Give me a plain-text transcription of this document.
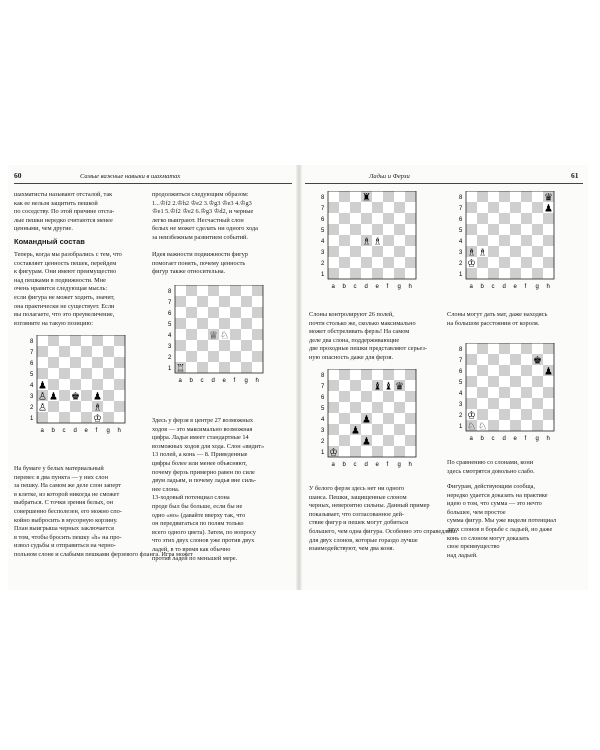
60	Самые важные навыки в шахматах
шахматисты называют отсталой, так
как ее нельзя защитить пешкой
по соседству. По этой причине отста-
лые пешки нередко считаются менее
ценными, чем другие.
Командный состав
Теперь, когда мы разобрались с тем, что
составляет ценность пешек, перейдем
к фигурам. Они имеют преимущество
над пешками в подвижности. Мне
очень нравится следующая мысль:
если фигура не может ходить, значит,
она практически не существует. Если
вы полагаете, что это преувеличение,
взгляните на такую позицию:
8
7
6
5
4
3
2
1
a b c d e f g h
♟
♙ ♟
♙
♚ ♟
♗
♔
На бумаге у белых материальный
перевес в два пункта — у них слон
за пешку. На самом же деле слон заперт
в клетке, из которой никогда не сможет
выбраться. С точки зрения белых, он
совершенно бесполезен, его можно спо-
койно выбросить в мусорную корзину.
План выигрыша черных заключается
в том, чтобы бросить пешку «h» на про-
извол судьбы и отправиться на черно-
польном слоне и слабыми пешками ферзевого фланга. Игра может
продолжиться следующим образом:
1...♔f2 2.♔h2 ♔e2 3.♔g3 ♔e3 4.♔g3
♔e1 5.♔f2 ♔e2 6.♔g3 ♔d2, и черные
легко выиграют. Несчастный слон
белых не может сделать ни одного хода
за неизбежным развитием событий.
Идея важности подвижности фигур
помогает понять, почему ценность
фигур также относительна.
8
7
6
5
4
3
2
1
a b c d e f g h
♕ ♘
♖
Здесь у ферзя в центре 27 возможных
ходов — это максимально возможная
цифра. Ладья имеет стандартные 14
возможных ходов для хода. Слон «видит»
13 полей, а конь — 8. Приведенные
цифры более или менее объясняют,
почему ферзь примерно равен по силе
двум ладьям, и почему ладья вне силь-
нее слона.
13-ходовый потенциал слона
проде был бы больше, если бы не
одно «но» (давайте вверху так, что
он передвигаться по полям только
всего одного цвета). Затем, по вопросу
что этих двух слонов уже против двух
ладей, в то время как обычно
против ладей по меньшей мере.
Ладьи и Ферзи	61
8
7
6
5
4
3
2
1
a b c d e f g h
♜
♗
♗
Слоны контролируют 26 полей,
почти столько же, сколько максимально
может обстреливать ферзь! На самом
деле два слона, поддерживающие
две проходные пешки представляют серьез-
ную опасность даже для ферзя.
8
7
6
5
4
3
2
1
a b c d e f g h
♝ ♝ ♛
♟
♟
♟
♔
У белого ферзя здесь нет ни одного
шанса. Пешки, защищенные слоном
черных, невероятно сильны. Данный пример
показывает, что согласованное дей-
ствие фигур и пешек могут добиться
большего, чем одна фигура. Особенно это справедливо
для двух слонов, которые гораздо лучше
взаимодействуют, чем два коня.
8
7
6
5
4
3
2
1
a b c d e f g h
♛
♟
♗ ♗
♔
Слоны могут дать мат, даже находясь
на большом расстоянии от короля.
8
7
6
5
4
3
2
1
a b c d e f g h
♚
♟
♘ ♘
♔
По сравнению со слонами, кони
здесь смотрятся довольно слабо.
Фигурам, действующим сообща,
нередко удается доказать на практике
идею о том, что сумма — это нечто
большее, чем простое
сумма фигур. Мы уже видели потенциал
двух слонов в борьбе с ладьей, но даже
конь со слоном могут доказать
свое преимущество
над ладьей.
